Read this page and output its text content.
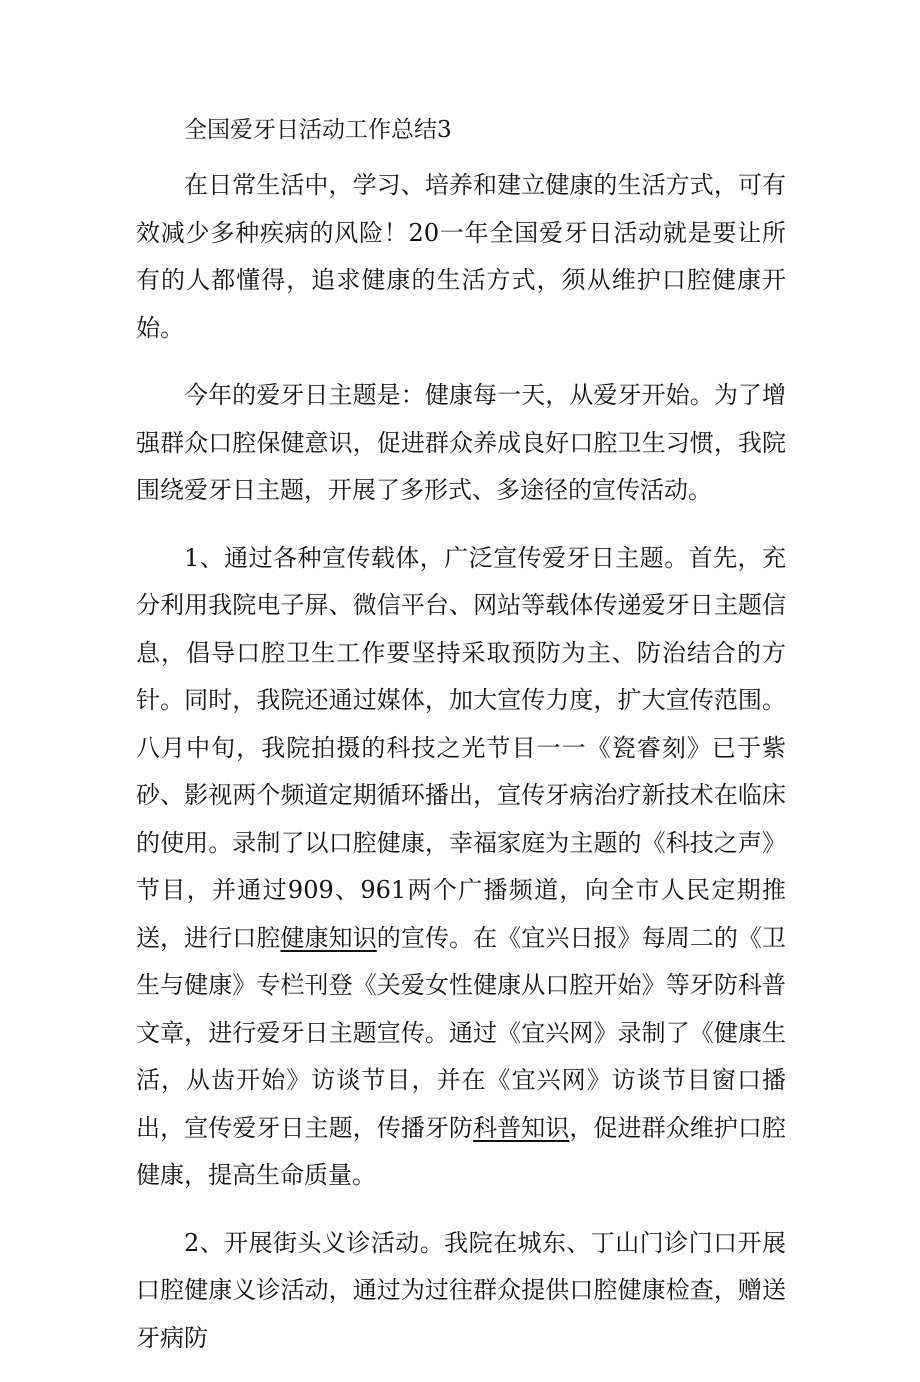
全国爱牙日活动工作总结3

在日常生活中，学习、培养和建立健康的生活方式，可有效减少多种疾病的风险！20一年全国爱牙日活动就是要让所有的人都懂得，追求健康的生活方式，须从维护口腔健康开始。

今年的爱牙日主题是：健康每一天，从爱牙开始。为了增强群众口腔保健意识，促进群众养成良好口腔卫生习惯，我院围绕爱牙日主题，开展了多形式、多途径的宣传活动。

1、通过各种宣传载体，广泛宣传爱牙日主题。首先，充分利用我院电子屏、微信平台、网站等载体传递爱牙日主题信息，倡导口腔卫生工作要坚持采取预防为主、防治结合的方针。同时，我院还通过媒体，加大宣传力度，扩大宣传范围。八月中旬，我院拍摄的科技之光节目一一《瓷睿刻》已于紫砂、影视两个频道定期循环播出，宣传牙病治疗新技术在临床的使用。录制了以口腔健康，幸福家庭为主题的《科技之声》节目，并通过909、961两个广播频道，向全市人民定期推送，进行口腔健康知识的宣传。在《宜兴日报》每周二的《卫生与健康》专栏刊登《关爱女性健康从口腔开始》等牙防科普文章，进行爱牙日主题宣传。通过《宜兴网》录制了《健康生活，从齿开始》访谈节目，并在《宜兴网》访谈节目窗口播出，宣传爱牙日主题，传播牙防科普知识，促进群众维护口腔健康，提高生命质量。

2、开展街头义诊活动。我院在城东、丁山门诊门口开展口腔健康义诊活动，通过为过往群众提供口腔健康检查，赠送牙病防
